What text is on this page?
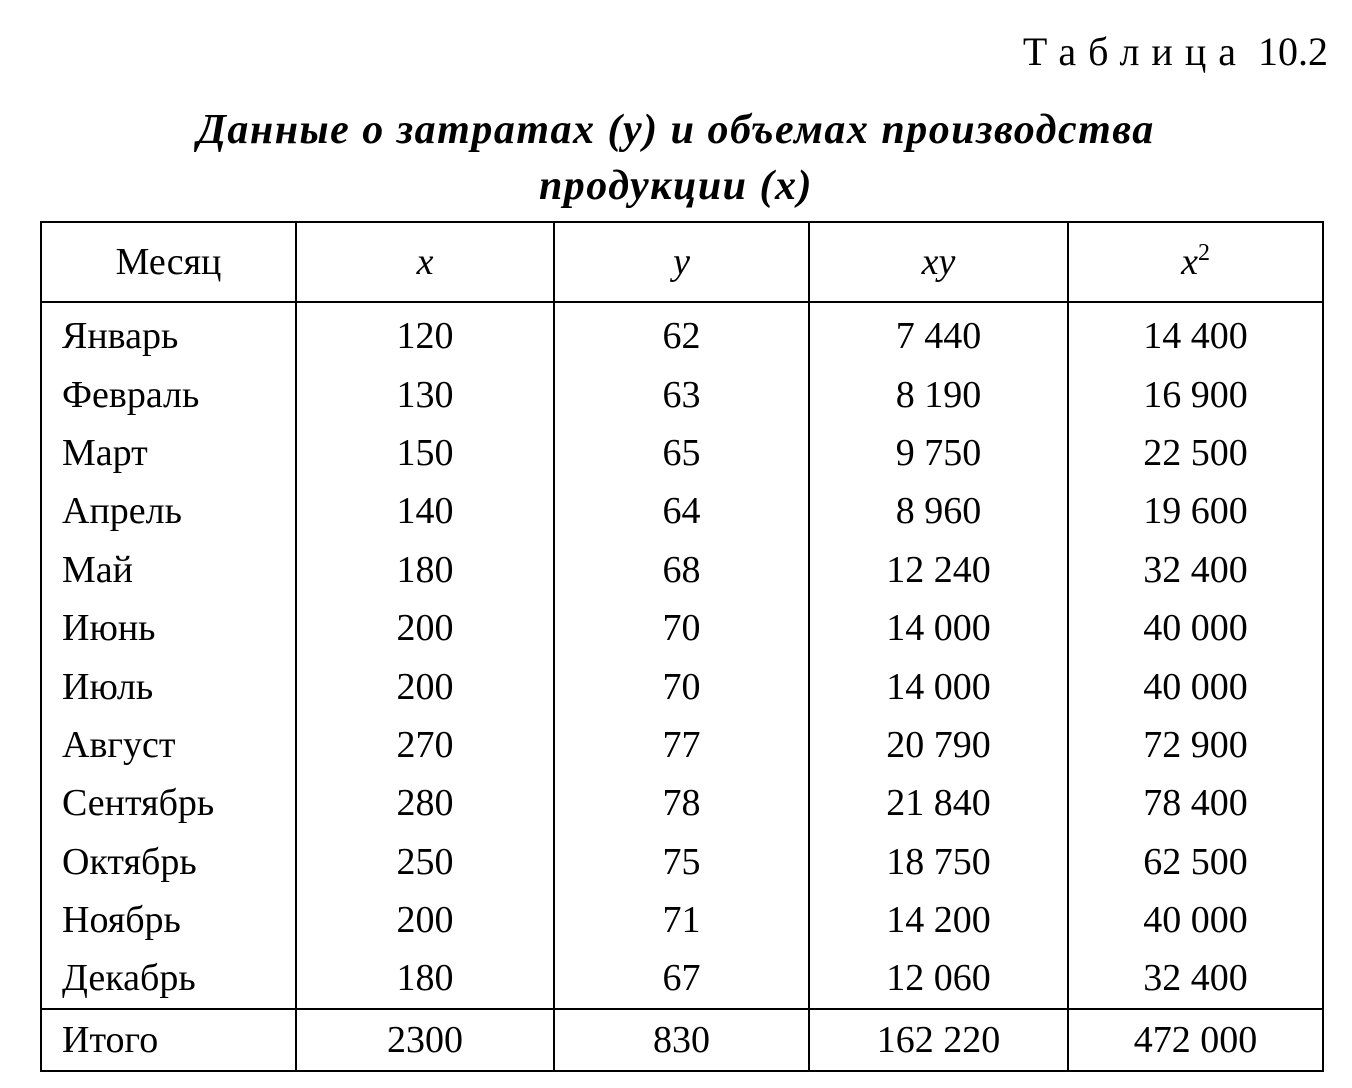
Таблица 10.2
Данные о затратах (y) и объемах производства
продукции (x)
Месяц	x	y	xy	$x^2$
Январь	120	62	7 440	14 400
Февраль	130	63	8 190	16 900
Март	150	65	9 750	22 500
Апрель	140	64	8 960	19 600
Май	180	68	12 240	32 400
Июнь	200	70	14 000	40 000
Июль	200	70	14 000	40 000
Август	270	77	20 790	72 900
Сентябрь	280	78	21 840	78 400
Октябрь	250	75	18 750	62 500
Ноябрь	200	71	14 200	40 000
Декабрь	180	67	12 060	32 400
Итого	2300	830	162 220	472 000
